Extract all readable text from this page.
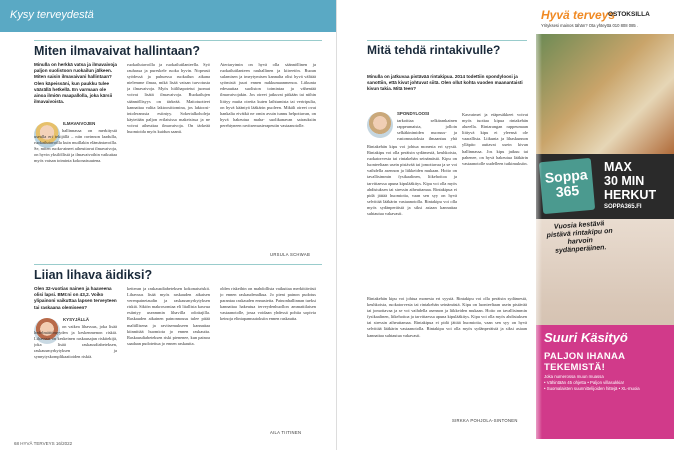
Kysy terveydestä
Miten ilmavaivat hallintaan?
Minulla on herkkä vatsa ja ilmavaivoja paljon suolistoon ruokailun jälkeen. Miten saisin ilmavaivani hallintaan? Olen käpeissäni, kun paukku tulee väärällä hetkellä. En varmaan ole ainoa ilmiön maapallolla, joka kärsii ilmavaivoista.
ILMAVAIVOJEN
hallinnassa on merkitystä usealla eri tekijällä – niin ravinnon laadulla, ruokailutavoilla kuin muillakin elämäntavoilla. Se, miten ruoka-aineet aiheuttavat ilmavaivoja, on hyvin yksilöllistä ja ilmavaivoihin vaikuttaa myös vatsan toiminta kokonaisuutena.
ruokailutavoilla ja ruokailutilanteella. Syö rauhassa ja pureskele ruoka hyvin. Nopeasti syödessä ja puhuessa ruokailun aikana nielemme ilmaa, mikä lisää vatsan turvotusta ja ilmavaivoja. Myös hiilihapotetut juomat voivat lisätä ilmavaivoja. Ruokailujen säännöllisyys on tärkeää. Maitotuotteet kannattaa valita laktoosittomina, jos laktoosi-intoleranssia esiintyy. Sokerialkoholeja käytetään paljon erilaisissa makeisissa ja ne voivat aiheuttaa ilmavaivoja. On tärkeää huomioida myös kuidun saanti.
Ateriarytmin on hyvä olla säännöllinen ja ruokailutilanteen rauhallinen ja kiireetön. Ruoan sulamisen ja imeytymisen kannalta olisi hyvä välttää syömistä juuri ennen nukkumaanmenoa. Liikunta edesauttaa suoliston toimintaa ja vähentää ilmavaivojakin. Jos oireet jatkuvat pitkään tai niihin liittyy muita oireita kuten laihtumista tai veriripulia, on hyvä kääntyä lääkärin puoleen. Mikäli oireet ovat hankalia eivätkä ne omin avuin tunnu helpottavan, on hyvä hakeutua maha- suolikanavan sairauksiin perehtyneen ravitsemusterapeutin vastaanotolle.
URSULA SCHWAB
Liian lihava äidiksi?
Olen 32-vuotias nainen ja haaveena olisi lapsi. BMI:ni on 43,2. Voiko ylipainoni vaikuttaa lapsen terveyteen tai raskaana olemiseen?
KYSYJÄLLÄ
on vaikea lihavuus, joka lisää hedelmättömyyden ja keskenmenon riskiä. Lihavuus on keskeinen raskausajan riskitekijä, joka lisää raskausdiabeteksen, raskausmyrkytyksen ja synnytyskomplikaatioiden riskiä.
ketteran ja raskausdiabeteksen kokonaisriskit. Lihavuus lisää myös raskauden aikaisen verenpainetaudin ja raskausmyrkytyksen riskiä. Sikiön makrosomiaa eli liiallista kasvua esiintyy useammin lihavilla odottajilla. Raskauden aikainen painonnousu tulee pitää maltillisena ja ravitsemukseen kannattaa kiinnittää huomiota jo ennen raskautta. Raskausdiabeteksen riski pienenee, kun painoa saadaan pudotettua jo ennen raskautta.
olden riskeihin on mahdollista vaikuttaa merkittävästi jo ennen raskaudenalkua. Jo pieni painon pudotus parantaa raskauden ennustetta. Painonhallinnan tueksi kannattaa hakeutua terveydenhuollon ammattilaisen vastaanotolle, jossa voidaan yhdessä pohtia sopivia keinoja elintapamuutoksiin ennen raskautta.
AILA TIITINEN
68 HYVÄ TERVEYS 16/2022
Mitä tehdä rintakivulle?
Minulla on jatkuvaa pistävää rintakipua. 2014 todettiin spondyloosi ja sanottiin, että kivut johtuvat siitä. Olen ollut kohta vuoden maanantaisti kivun takia. Mitä teen?
SPONDYLOOSI
tarkoittaa selkärankainen rappeumaista, jolloin selkäkinimiden nuoruus- ja rustomuutoksia ilmaantuu yhä
Rintakehän kipu voi johtua monesta eri syystä. Rintakipu voi olla peräisin sydämestä, keuhkoista, ruokatorvesta tai rintakehän seinämästä. Kipu on luonteeltaan usein pistävää tai jomottavaa ja se voi vaihdella asennon ja liikkeiden mukaan. Hoito on tavallisimmin fysikaalinen, liikehoitoa ja tarvittaessa apuna kipulääkitys. Kipu voi olla myös ahdistuksen tai stressin aiheuttamaa. Rintakipua ei pidä jättää huomiotta, vaan sen syy on hyvä selvittää lääkärin vastaanotolla. Rintakipu voi olla myös sydänperäistä ja siksi asiaan kannattaa suhtautua vakavasti.
Kasvaimet ja etäpesäkkeet voivat myös tuottaa kipua rintakehän alueella. Rintarangan rappeumaan liittyvä kipu ei yleensä ole vaarallista. Liikunta ja lihaskunnon ylläpito auttavat usein kivun hallinnassa. Jos kipu jatkuu tai pahenee, on hyvä hakeutua lääkärin vastaanotolle uudelleen tutkimuksiin.
Rintakehän kipu voi johtua monesta eri syystä. Rintakipu voi olla peräisin sydämestä, keuhkoista, ruokatorvesta tai rintakehän seinämästä. Kipu on luonteeltaan usein pistävää tai jomottavaa ja se voi vaihdella asennon ja liikkeiden mukaan. Hoito on tavallisimmin fysikaalinen, liikehoitoa ja tarvittaessa apuna kipulääkitys. Kipu voi olla myös ahdistuksen tai stressin aiheuttamaa. Rintakipua ei pidä jättää huomiotta, vaan sen syy on hyvä selvittää lääkärin vastaanotolla. Rintakipu voi olla myös sydänperäistä ja siksi asiaan kannattaa suhtautua vakavasti.
SIRKKA POHJOLA-SINTONEN
Hyvä terveys
OSTOKSILLA
Yrityksesi mainos tähän? Ota yhteyttä 010 808 085 .
Soppa
365
MAX
30 MIN
HERKUT
SOPPA365.FI
Vuosia kestävä pistävä rintakipu on harvoin sydänperäinen.
Suuri Käsityö
PALJON IHANAA TEKEMISTÄ!
Joka numerossa muun muassa
• Vähintään 45 ohjetta • Paljon villasukkia!
• Suomalaisten suunnittelijoiden hittejä • XL-muoia
